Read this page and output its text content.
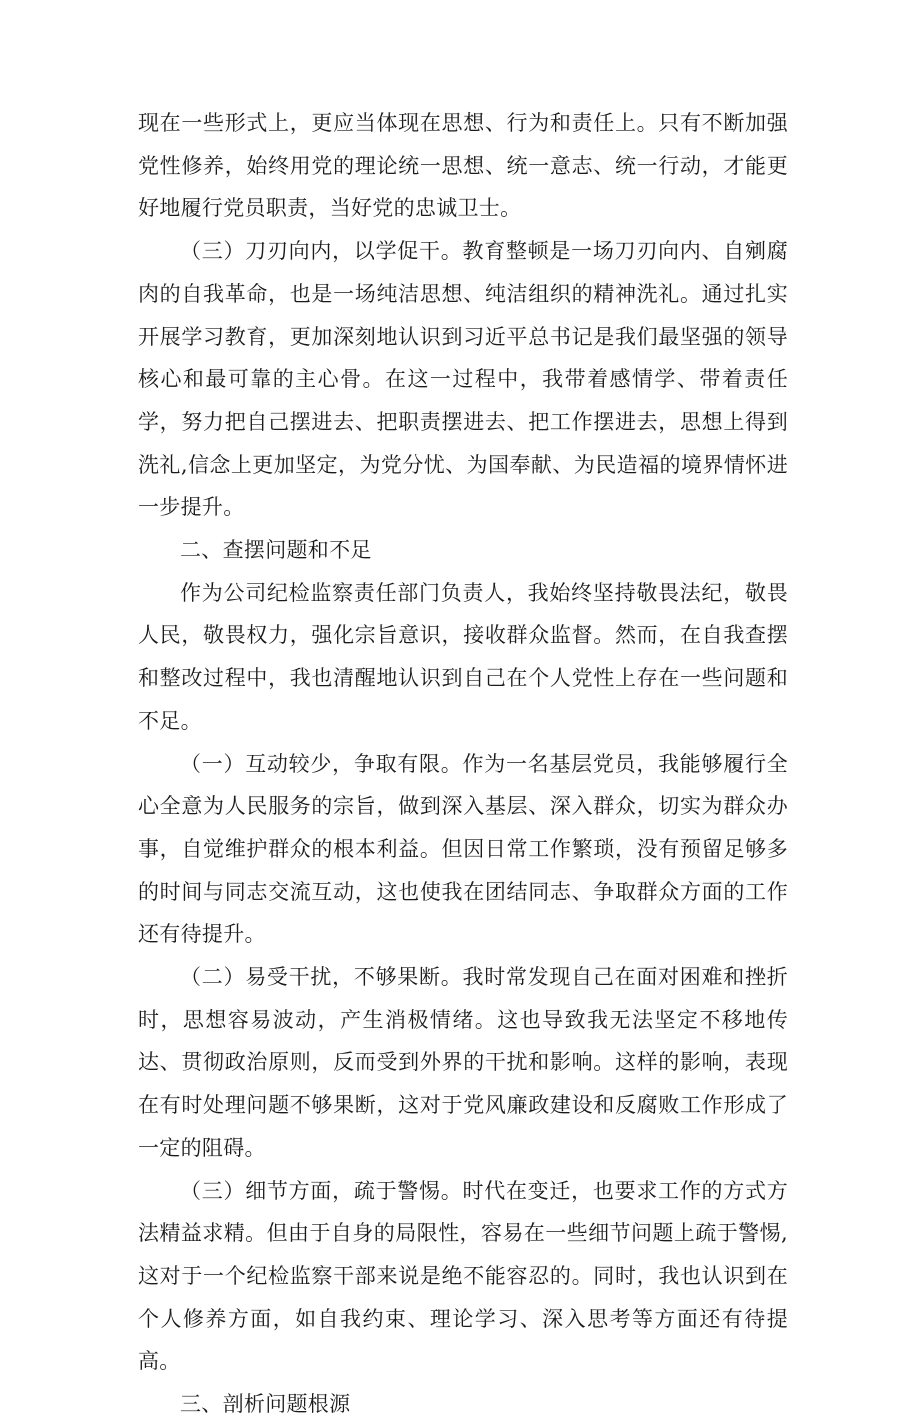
现在一些形式上，更应当体现在思想、行为和责任上。只有不断加强党性修养，始终用党的理论统一思想、统一意志、统一行动，才能更好地履行党员职责，当好党的忠诚卫士。

（三）刀刃向内，以学促干。教育整顿是一场刀刃向内、自剜腐肉的自我革命，也是一场纯洁思想、纯洁组织的精神洗礼。通过扎实开展学习教育，更加深刻地认识到习近平总书记是我们最坚强的领导核心和最可靠的主心骨。在这一过程中，我带着感情学、带着责任学，努力把自己摆进去、把职责摆进去、把工作摆进去，思想上得到洗礼,信念上更加坚定，为党分忧、为国奉献、为民造福的境界情怀进一步提升。

二、查摆问题和不足

作为公司纪检监察责任部门负责人，我始终坚持敬畏法纪，敬畏人民，敬畏权力，强化宗旨意识，接收群众监督。然而，在自我查摆和整改过程中，我也清醒地认识到自己在个人党性上存在一些问题和不足。

（一）互动较少，争取有限。作为一名基层党员，我能够履行全心全意为人民服务的宗旨，做到深入基层、深入群众，切实为群众办事，自觉维护群众的根本利益。但因日常工作繁琐，没有预留足够多的时间与同志交流互动，这也使我在团结同志、争取群众方面的工作还有待提升。

（二）易受干扰，不够果断。我时常发现自己在面对困难和挫折时，思想容易波动，产生消极情绪。这也导致我无法坚定不移地传达、贯彻政治原则，反而受到外界的干扰和影响。这样的影响，表现在有时处理问题不够果断，这对于党风廉政建设和反腐败工作形成了一定的阻碍。

（三）细节方面，疏于警惕。时代在变迁，也要求工作的方式方法精益求精。但由于自身的局限性，容易在一些细节问题上疏于警惕,这对于一个纪检监察干部来说是绝不能容忍的。同时，我也认识到在个人修养方面，如自我约束、理论学习、深入思考等方面还有待提高。

三、剖析问题根源
